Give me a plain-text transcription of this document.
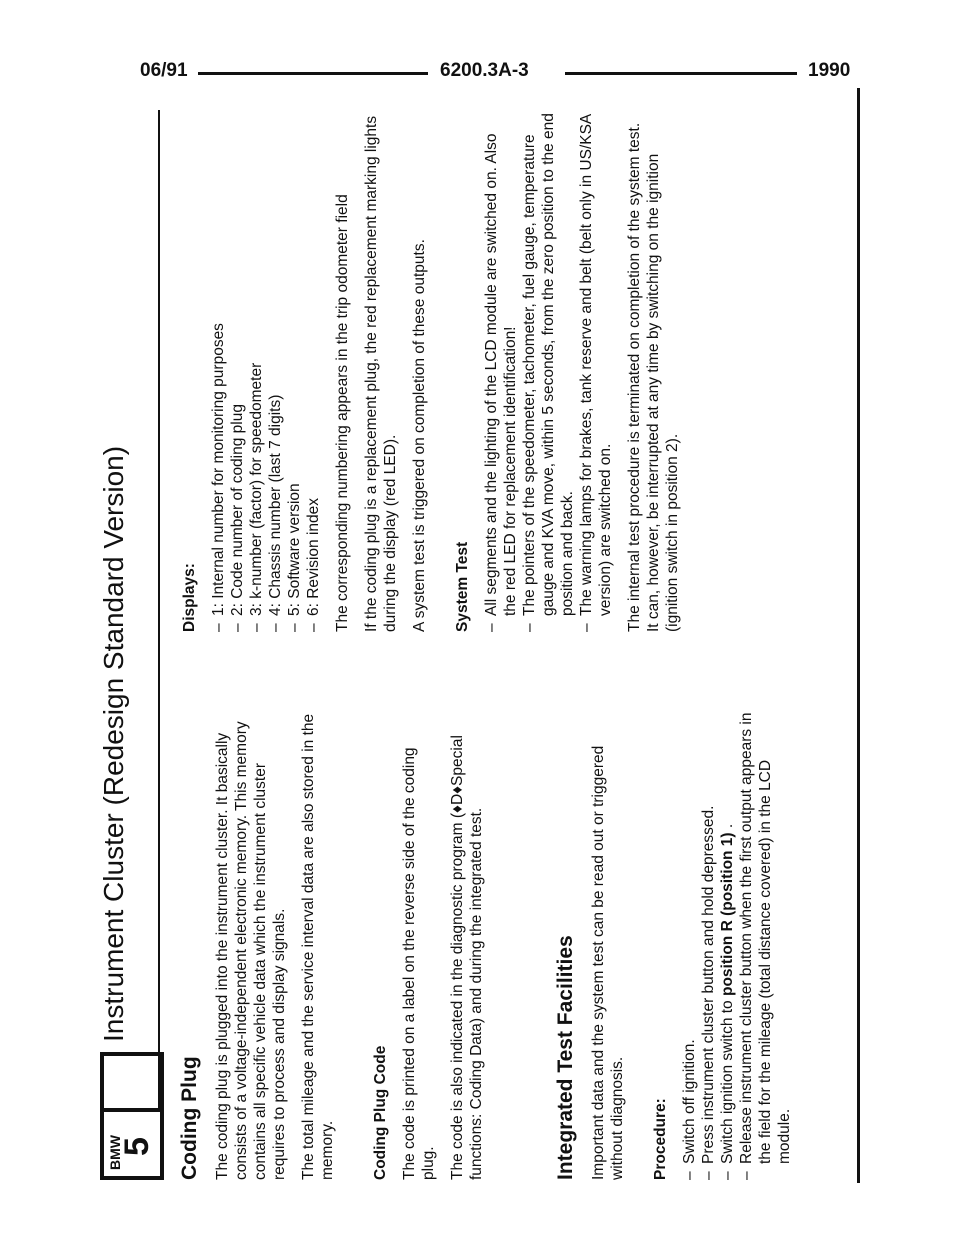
06/91	6200.3A-3	1990
BMW
5
Instrument Cluster (Redesign Standard Version)
Coding Plug The coding plug is plugged into the instrument cluster. It basically consists of a voltage-independent electronic memory. This memory contains all specific vehicle data which the instrument cluster requires to process and display signals. The total mileage and the service interval data are also stored in the memory. Coding Plug Code The code is printed on a label on the reverse side of the coding plug. The code is also indicated in the diagnostic program (♦D♦Special functions: Coding Data) and during the integrated test.	Integrated Test Facilities Important data and the system test can be read out or triggered without diagnosis. Procedure: – Switch off ignition. – Press instrument cluster button and hold depressed. – Switch ignition switch to position R (position 1) . – Release instrument cluster button when the first output appears in the field for the mileage (total distance covered) in the LCD module.
Displays: – 1: Internal number for monitoring purposes – 2: Code number of coding plug – 3: k-number (factor) for speedometer – 4: Chassis number (last 7 digits) – 5: Software version – 6: Revision index The corresponding numbering appears in the trip odometer field If the coding plug is a replacement plug, the red replacement marking lights during the display (red LED). A system test is triggered on completion of these outputs. System Test – All segments and the lighting of the LCD module are switched on. Also the red LED for replacement identification! – The pointers of the speedometer, tachometer, fuel gauge, temperature gauge and KVA move, within 5 seconds, from the zero position to the end position and back. – The warning lamps for brakes, tank reserve and belt (belt only in US/KSA version) are switched on. The internal test procedure is terminated on completion of the system test. It can, however, be interrupted at any time by switching on the ignition (ignition switch in position 2).
